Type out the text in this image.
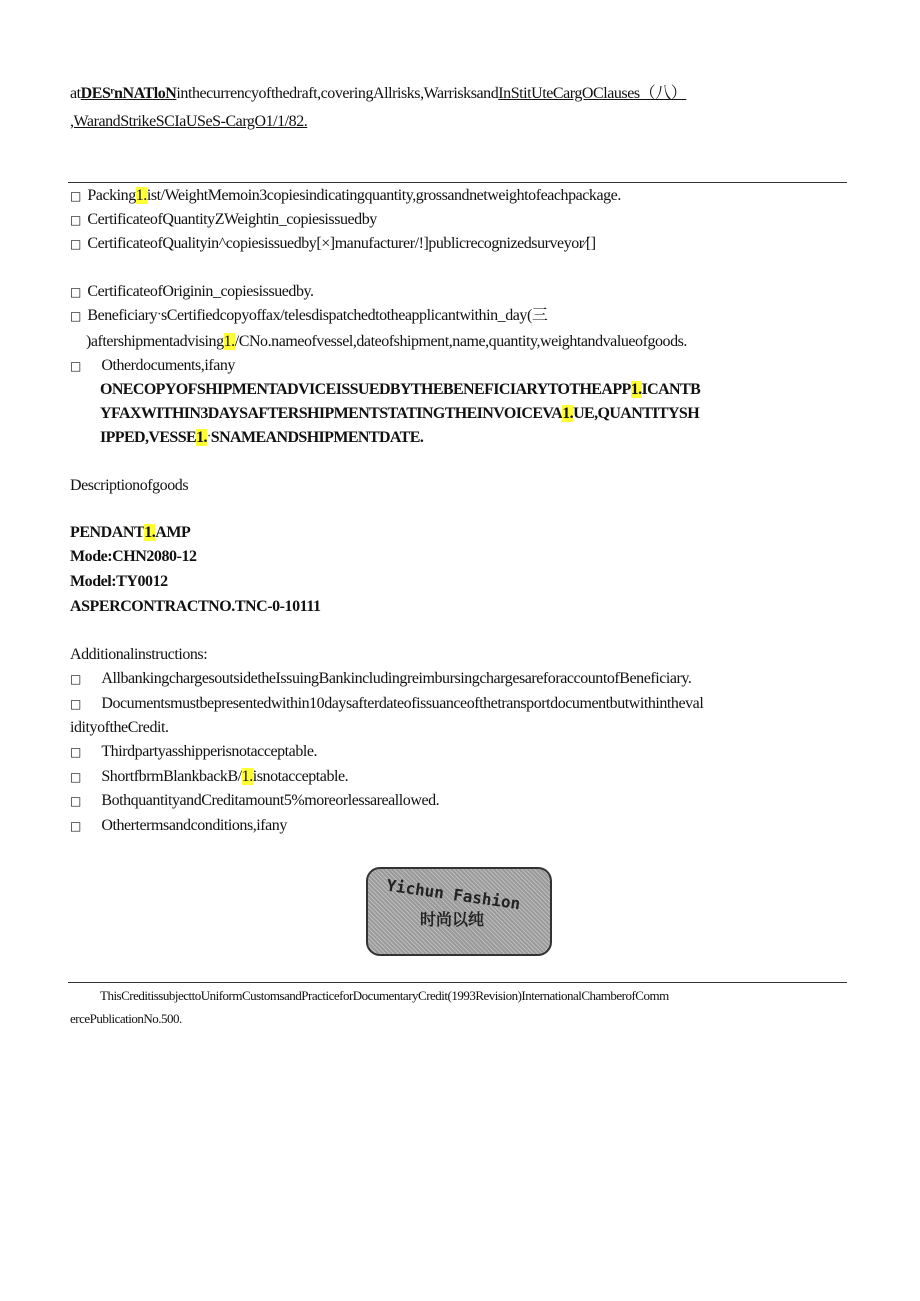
atDESʳnNATloNinthecurrencyofthedraft,coveringAllrisks,WarrisksandInStitUteCargOClauses（八）
,WarandStrikeSCIaUSeS-CargO1/1/82.
□ Packing1.ist/WeightMemoin3copiesindicatingquantity,grossandnetweightofeachpackage.
□ CertificateofQuantityZWeightin_copiesissuedby
□ CertificateofQualityin^copiesissuedby[×]manufacturer/!]publicrecognizedsurveyor⁄[]
□ CertificateofOriginin_copiesissuedby.
□ BeneficiaryˑsCertifiedcopyoffax/telesdispatchedtotheapplicantwithin_day(三
)aftershipmentadvising1./CNo.nameofvessel,dateofshipment,name,quantity,weightandvalueofgoods.
□ Otherdocuments,ifany
ONECOPYOFSHIPMENTADVICEISSUEDBYTHEBENEFICIARYTOTHEAPP1.ICANTB
YFAXWITHIN3DAYSAFTERSHIPMENTSTATINGTHEINVOICEVA1.UE,QUANTITYSH
IPPED,VESSE1.ˑSNAMEANDSHIPMENTDATE.
Descriptionofgoods
PENDANT1.AMP
Mode:CHN2080-12
Model:TY0012
ASPERCONTRACTNO.TNC-0-10111
Additionalinstructions:
□ AllbankingchargesoutsidetheIssuingBankincludingreimbursingchargesareforaccountofBeneficiary.
□ Documentsmustbepresentedwithin10daysafterdateofissuanceofthetransportdocumentbutwithintheval
idityoftheCredit.
□ Thirdpartyasshipperisnotacceptable.
□ ShortfbrmBlankbackB/1.isnotacceptable.
□ BothquantityandCreditamount5%moreorlessareallowed.
□ Othertermsandconditions,ifany
Yichun Fashion
时尚以纯
ThisCreditissubjecttoUniformCustomsandPracticeforDocumentaryCredit(1993Revision)InternationalChamberofComm
ercePublicationNo.500.
